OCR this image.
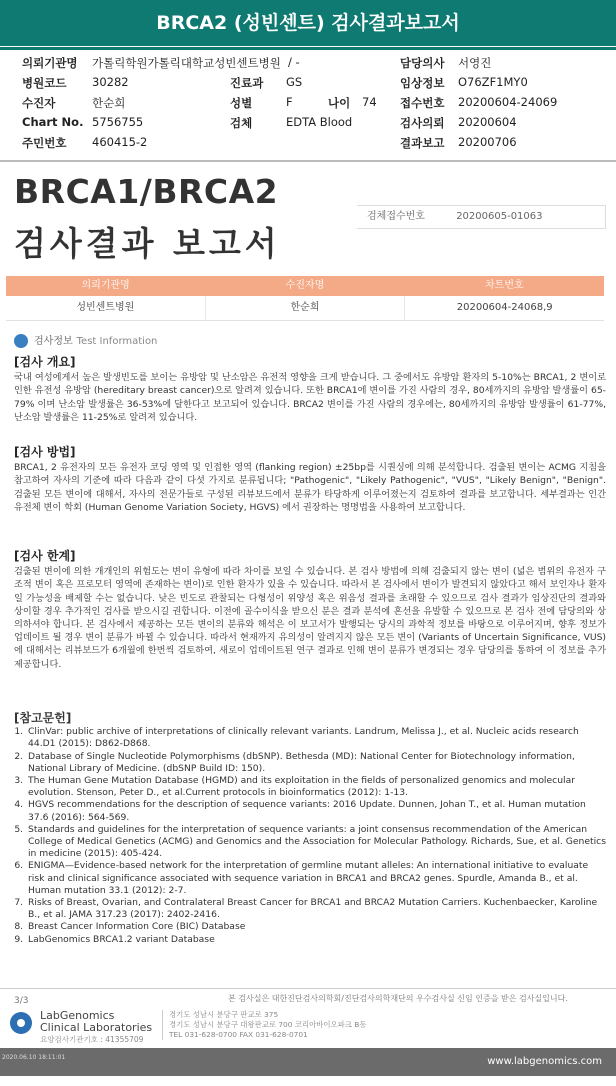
BRCA2 (성빈센트) 검사결과보고서
의뢰기관명 가톨릭학원가톨릭대학교성빈센트병원 / -	담당의사 서영진
병원코드 30282	진료과 GS	임상정보 O76ZF1MY0
수진자	한순희	성별	F	나이 74 접수번호 20200604-24069
Chart No. 5756755	검체	EDTA Blood	검사의뢰 20200604
주민번호 460415-2	결과보고 20200706
BRCA1/BRCA2
검사결과 보고서
검체접수번호	20200605-01063
의뢰기관명	수진자명	차트번호
성빈센트병원	한순희	20200604-24068,9
검사정보 Test Information
[검사 개요]

국내 여성에게서 높은 발생빈도를 보이는 유방암 및 난소암은 유전적 영향을 크게 받습니다. 그 중에서도 유방암 환자의 5-10%는 BRCA1, 2 변이로 인한 유전성 유방암 (hereditary breast cancer)으로 알려져 있습니다. 또한 BRCA1에 변이를 가진 사람의 경우, 80세까지의 유방암 발생률이 65-79% 이며 난소암 발생률은 36-53%에 달한다고 보고되어 있습니다. BRCA2 변이를 가진 사람의 경우에는, 80세까지의 유방암 발생률이 61-77%, 난소암 발생률은 11-25%로 알려져 있습니다.

[검사 방법]

BRCA1, 2 유전자의 모든 유전자 코딩 영역 및 인접한 영역 (flanking region) ±25bp를 시퀀싱에 의해 분석합니다. 검출된 변이는 ACMG 지침을 참고하여 자사의 기준에 따라 다음과 같이 다섯 가지로 분류됩니다; "Pathogenic", "Likely Pathogenic", "VUS", "Likely Benign", "Benign". 검출된 모든 변이에 대해서, 자사의 전문가들로 구성된 리뷰보드에서 분류가 타당하게 이루어졌는지 검토하여 결과를 보고합니다. 세부결과는 인간 유전체 변이 학회 (Human Genome Variation Society, HGVS) 에서 권장하는 명명법을 사용하여 보고합니다.

[검사 한계]

검출된 변이에 의한 개개인의 위험도는 변이 유형에 따라 차이를 보일 수 있습니다. 본 검사 방법에 의해 검출되지 않는 변이 (넓은 범위의 유전자 구조적 변이 혹은 프로모터 영역에 존재하는 변이)로 인한 환자가 있을 수 있습니다. 따라서 본 검사에서 변이가 발견되지 않았다고 해서 보인자나 환자일 가능성을 배제할 수는 없습니다. 낮은 빈도로 관찰되는 다형성이 위양성 혹은 위음성 결과를 초래할 수 있으므로 검사 결과가 임상진단의 결과와 상이할 경우 추가적인 검사를 받으시길 권합니다. 이전에 골수이식을 받으신 분은 결과 분석에 혼선을 유발할 수 있으므로 본 검사 전에 담당의와 상의하셔야 합니다. 본 검사에서 제공하는 모든 변이의 분류와 해석은 이 보고서가 발행되는 당시의 과학적 정보를 바탕으로 이루어지며, 향후 정보가 업데이트 될 경우 변이 분류가 바뀔 수 있습니다. 따라서 현재까지 유의성이 알려지지 않은 모든 변이 (Variants of Uncertain Significance, VUS)에 대해서는 리뷰보드가 6개월에 한번씩 검토하여, 새로이 업데이트된 연구 결과로 인해 변이 분류가 변경되는 경우 담당의를 통하여 이 정보를 추가 제공합니다.

[참고문헌]
1. ClinVar: public archive of interpretations of clinically relevant variants. Landrum, Melissa J., et al. Nucleic acids research 44.D1 (2015): D862-D868.
2. Database of Single Nucleotide Polymorphisms (dbSNP). Bethesda (MD): National Center for Biotechnology information, National Library of Medicine. (dbSNP Build ID: 150).
3. The Human Gene Mutation Database (HGMD) and its exploitation in the fields of personalized genomics and molecular evolution. Stenson, Peter D., et al.Current protocols in bioinformatics (2012): 1-13.
4. HGVS recommendations for the description of sequence variants: 2016 Update. Dunnen, Johan T., et al. Human mutation 37.6 (2016): 564-569.
5. Standards and guidelines for the interpretation of sequence variants: a joint consensus recommendation of the American College of Medical Genetics (ACMG) and Genomics and the Association for Molecular Pathology. Richards, Sue, et al. Genetics in medicine (2015): 405-424.
6. ENIGMA—Evidence-based network for the interpretation of germline mutant alleles: An international initiative to evaluate risk and clinical significance associated with sequence variation in BRCA1 and BRCA2 genes. Spurdle, Amanda B., et al. Human mutation 33.1 (2012): 2-7.
7. Risks of Breast, Ovarian, and Contralateral Breast Cancer for BRCA1 and BRCA2 Mutation Carriers. Kuchenbaecker, Karoline B., et al. JAMA 317.23 (2017): 2402-2416.
8. Breast Cancer Information Core (BIC) Database
9. LabGenomics BRCA1.2 variant Database
본 검사실은 대한진단검사의학회/진단검사의학재단의 우수검사실 신임 인증을 받은 검사실입니다.
3/3
LabGenomics
Clinical Laboratories
요양검사기관기호 : 41355709
경기도 성남시 분당구 판교로 375
경기도 성남시 분당구 대왕판교로 700 코리아바이오파크 B동
TEL 031-628-0700 FAX 031-628-0701
2020.06.10 18:11:01	www.labgenomics.com
